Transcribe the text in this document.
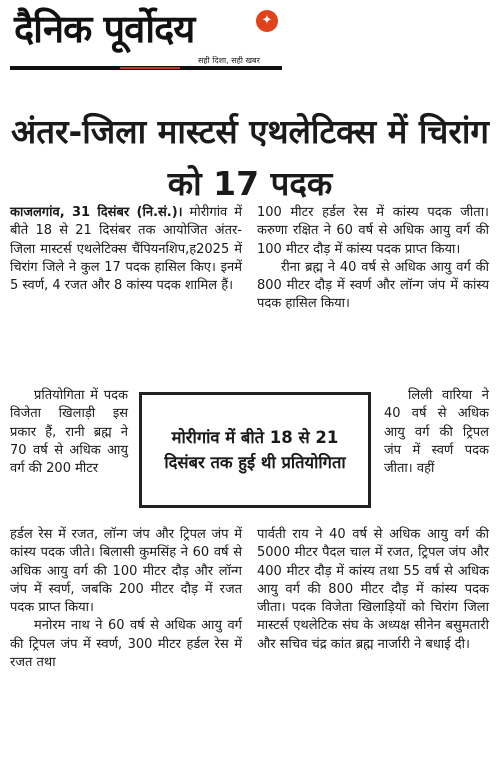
दैनिक पूर्वोदय	✦
सही दिशा, सही खबर
अंतर-जिला मास्टर्स एथलेटिक्स में चिरांग को 17 पदक

काजलगांव, 31 दिसंबर (नि.सं.)। मोरीगांव में बीते 18 से 21 दिसंबर तक आयोजित अंतर-जिला मास्टर्स एथलेटिक्स चैंपियनशिप,ह2025 में चिरांग जिले ने कुल 17 पदक हासिल किए। इनमें 5 स्वर्ण, 4 रजत और 8 कांस्य पदक शामिल हैं।

प्रतियोगिता में पदक विजेता खिलाड़ी इस प्रकार हैं, रानी ब्रह्म ने 70 वर्ष से अधिक आयु वर्ग की 200 मीटर

हर्डल रेस में रजत, लॉन्ग जंप और ट्रिपल जंप में कांस्य पदक जीते। बिलासी कुमसिंह ने 60 वर्ष से अधिक आयु वर्ग की 100 मीटर दौड़ और लॉन्ग जंप में स्वर्ण, जबकि 200 मीटर दौड़ में रजत पदक प्राप्त किया।

मनोरम नाथ ने 60 वर्ष से अधिक आयु वर्ग की ट्रिपल जंप में स्वर्ण, 300 मीटर हर्डल रेस में रजत तथा

100 मीटर हर्डल रेस में कांस्य पदक जीता। करुणा रक्षित ने 60 वर्ष से अधिक आयु वर्ग की 100 मीटर दौड़ में कांस्य पदक प्राप्त किया।

रीना ब्रह्म ने 40 वर्ष से अधिक आयु वर्ग की 800 मीटर दौड़ में स्वर्ण और लॉन्ग जंप में कांस्य पदक हासिल किया।

लिली वारिया ने 40 वर्ष से अधिक आयु वर्ग की ट्रिपल जंप में स्वर्ण पदक जीता। वहीं

पार्वती राय ने 40 वर्ष से अधिक आयु वर्ग की 5000 मीटर पैदल चाल में रजत, ट्रिपल जंप और 400 मीटर दौड़ में कांस्य तथा 55 वर्ष से अधिक आयु वर्ग की 800 मीटर दौड़ में कांस्य पदक जीता। पदक विजेता खिलाड़ियों को चिरांग जिला मास्टर्स एथलेटिक संघ के अध्यक्ष सीनेन बसुमतारी और सचिव चंद्र कांत ब्रह्म नार्जारी ने बधाई दी।

मोरीगांव में बीते 18 से 21 दिसंबर तक हुई थी प्रतियोगिता
